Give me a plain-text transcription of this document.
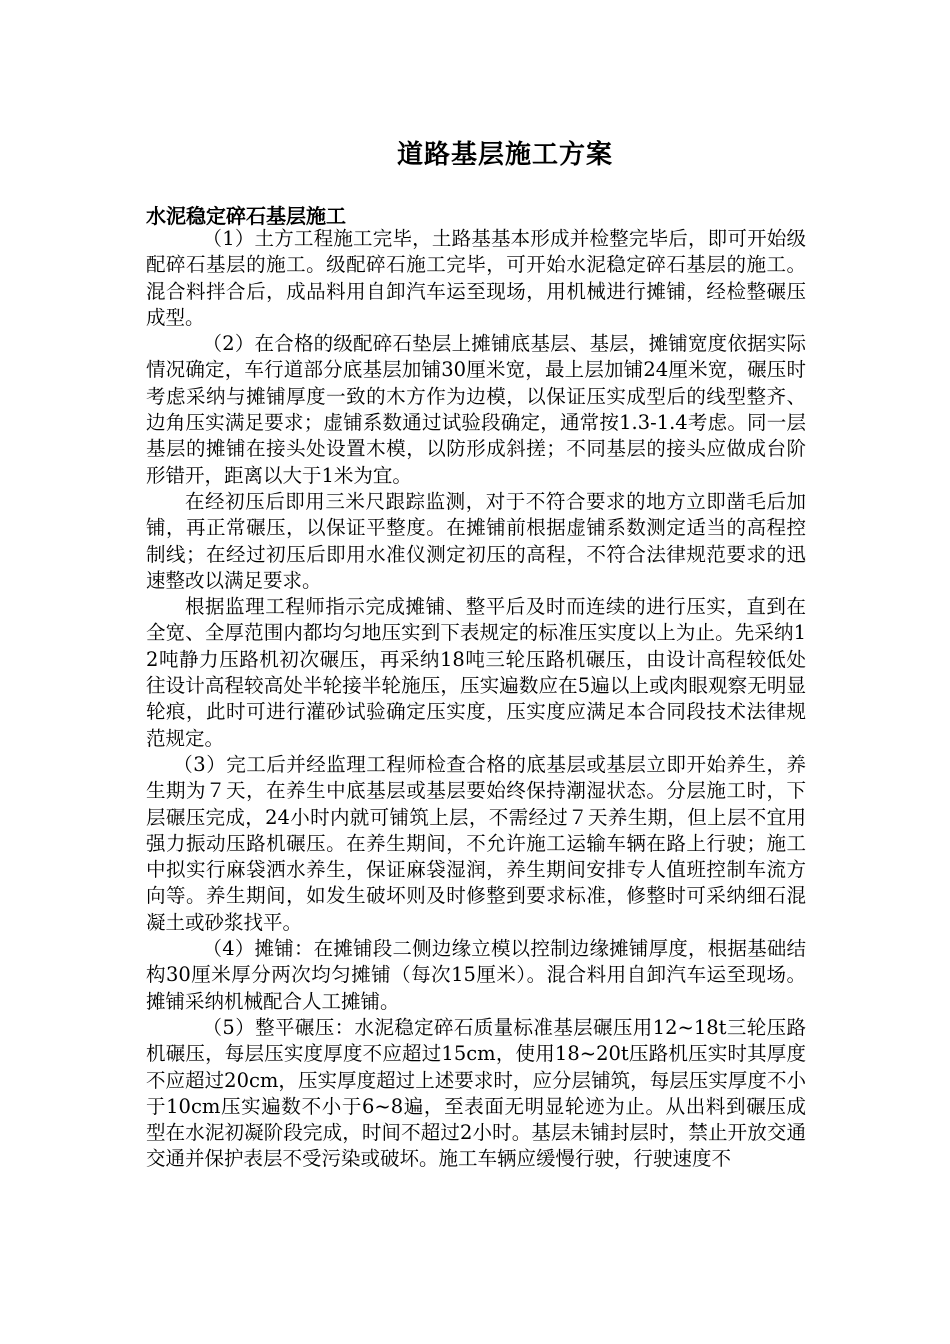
道路基层施工方案
水泥稳定碎石基层施工

（1）土方工程施工完毕，土路基基本形成并检整完毕后，即可开始级配碎石基层的施工。级配碎石施工完毕，可开始水泥稳定碎石基层的施工。混合料拌合后，成品料用自卸汽车运至现场，用机械进行摊铺，经检整碾压成型。

（2）在合格的级配碎石垫层上摊铺底基层、基层，摊铺宽度依据实际情况确定，车行道部分底基层加铺30厘米宽，最上层加铺24厘米宽，碾压时考虑采纳与摊铺厚度一致的木方作为边模，以保证压实成型后的线型整齐、边角压实满足要求；虚铺系数通过试验段确定，通常按1.3-1.4考虑。同一层基层的摊铺在接头处设置木模，以防形成斜搓；不同基层的接头应做成台阶形错开，距离以大于1米为宜。

在经初压后即用三米尺跟踪监测，对于不符合要求的地方立即凿毛后加铺，再正常碾压，以保证平整度。在摊铺前根据虚铺系数测定适当的高程控制线；在经过初压后即用水准仪测定初压的高程，不符合法律规范要求的迅速整改以满足要求。

根据监理工程师指示完成摊铺、整平后及时而连续的进行压实，直到在全宽、全厚范围内都均匀地压实到下表规定的标准压实度以上为止。先采纳12吨静力压路机初次碾压，再采纳18吨三轮压路机碾压，由设计高程较低处往设计高程较高处半轮接半轮施压，压实遍数应在5遍以上或肉眼观察无明显轮痕，此时可进行灌砂试验确定压实度，压实度应满足本合同段技术法律规范规定。

（3）完工后并经监理工程师检查合格的底基层或基层立即开始养生，养生期为７天，在养生中底基层或基层要始终保持潮湿状态。分层施工时，下层碾压完成，24小时内就可铺筑上层，不需经过７天养生期，但上层不宜用强力振动压路机碾压。在养生期间，不允许施工运输车辆在路上行驶；施工中拟实行麻袋洒水养生，保证麻袋湿润，养生期间安排专人值班控制车流方向等。养生期间，如发生破坏则及时修整到要求标准，修整时可采纳细石混凝土或砂浆找平。

（4）摊铺：在摊铺段二侧边缘立模以控制边缘摊铺厚度，根据基础结构30厘米厚分两次均匀摊铺（每次15厘米）。混合料用自卸汽车运至现场。摊铺采纳机械配合人工摊铺。

（5）整平碾压：水泥稳定碎石质量标准基层碾压用12~18t三轮压路机碾压，每层压实度厚度不应超过15cm，使用18~20t压路机压实时其厚度不应超过20cm，压实厚度超过上述要求时，应分层铺筑，每层压实厚度不小于10cm压实遍数不小于6~8遍，至表面无明显轮迹为止。从出料到碾压成型在水泥初凝阶段完成，时间不超过2小时。基层未铺封层时，禁止开放交通交通并保护表层不受污染或破坏。施工车辆应缓慢行驶，行驶速度不
